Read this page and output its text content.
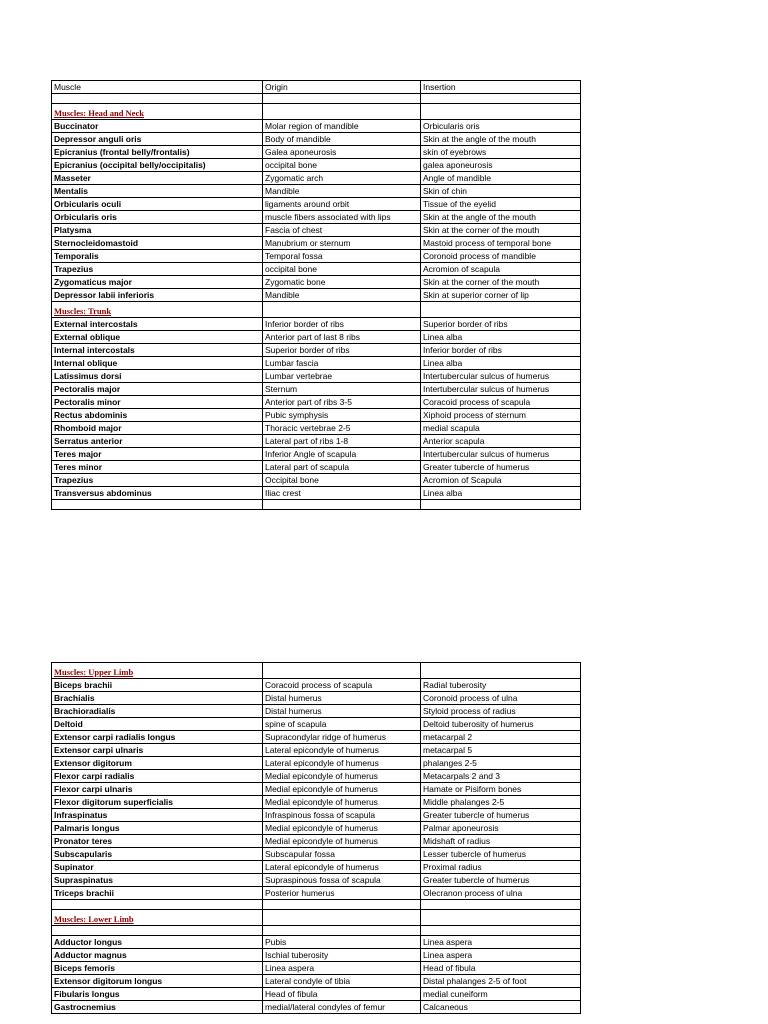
Muscle	Origin	Insertion

Muscles: Head and Neck		
Buccinator	Molar region of mandible	Orbicularis oris
Depressor anguli oris	Body of mandible	Skin at the angle of the mouth
Epicranius (frontal belly/frontalis)	Galea aponeurosis	skin of eyebrows
Epicranius (occipital belly/occipitalis)	occipital bone	galea aponeurosis
Masseter	Zygomatic arch	Angle of mandible
Mentalis	Mandible	Skin of chin
Orbicularis oculi	ligaments around orbit	Tissue of the eyelid
Orbicularis oris	muscle fibers associated with lips	Skin at the angle of the mouth
Platysma	Fascia of chest	Skin at the corner of the mouth
Sternocleidomastoid	Manubrium or sternum	Mastoid process of temporal bone
Temporalis	Temporal fossa	Coronoid process of mandible
Trapezius	occipital bone	Acromion of scapula
Zygomaticus major	Zygomatic bone	Skin at the corner of the mouth
Depressor labii inferioris	Mandible	Skin at superior corner of lip
Muscles: Trunk		
External intercostals	Inferior border of ribs	Superior border of ribs
External oblique	Anterior part of last 8 ribs	Linea alba
Internal intercostals	Superior border of ribs	Inferior border of ribs
Internal oblique	Lumbar fascia	Linea alba
Latissimus dorsi	Lumbar vertebrae	Intertubercular sulcus of humerus
Pectoralis major	Sternum	Intertubercular sulcus of humerus
Pectoralis minor	Anterior part of ribs 3-5	Coracoid process of scapula
Rectus abdominis	Pubic symphysis	Xiphoid process of sternum
Rhomboid major	Thoracic vertebrae 2-5	medial scapula
Serratus anterior	Lateral part of ribs 1-8	Anterior scapula
Teres major	Inferior Angle of scapula	Intertubercular sulcus of humerus
Teres minor	Lateral part of scapula	Greater tubercle of humerus
Trapezius	Occipital bone	Acromion of Scapula
Transversus abdominus	Iliac crest	Linea alba

Muscles: Upper Limb		
Biceps brachii	Coracoid process of scapula	Radial tuberosity
Brachialis	Distal humerus	Coronoid process of ulna
Brachioradialis	Distal humerus	Styloid process of radius
Deltoid	spine of scapula	Deltoid tuberosity of humerus
Extensor carpi radialis longus	Supracondylar ridge of humerus	metacarpal 2
Extensor carpi ulnaris	Lateral epicondyle of humerus	metacarpal 5
Extensor digitorum	Lateral epicondyle of humerus	phalanges 2-5
Flexor carpi radialis	Medial epicondyle of humerus	Metacarpals 2 and 3
Flexor carpi ulnaris	Medial epicondyle of humerus	Hamate or Pisiform bones
Flexor digitorum superficialis	Medial epicondyle of humerus	Middle phalanges 2-5
Infraspinatus	Infraspinous fossa of scapula	Greater tubercle of humerus
Palmaris longus	Medial epicondyle of humerus	Palmar aponeurosis
Pronator teres	Medial epicondyle of humerus	Midshaft of radius
Subscapularis	Subscapular fossa	Lesser tubercle of humerus
Supinator	Lateral epicondyle of humerus	Proximal radius
Supraspinatus	Supraspinous fossa of scapula	Greater tubercle of humerus
Triceps brachii	Posterior humerus	Olecranon process of ulna

Muscles: Lower Limb		

Adductor longus	Pubis	Linea aspera
Adductor magnus	Ischial tuberosity	Linea aspera
Biceps femoris	Linea aspera	Head of fibula
Extensor digitorum longus	Lateral condyle of tibia	Distal phalanges 2-5 of foot
Fibularis longus	Head of fibula	medial cuneiform
Gastrocnemius	medial/lateral condyles of femur	Calcaneous
